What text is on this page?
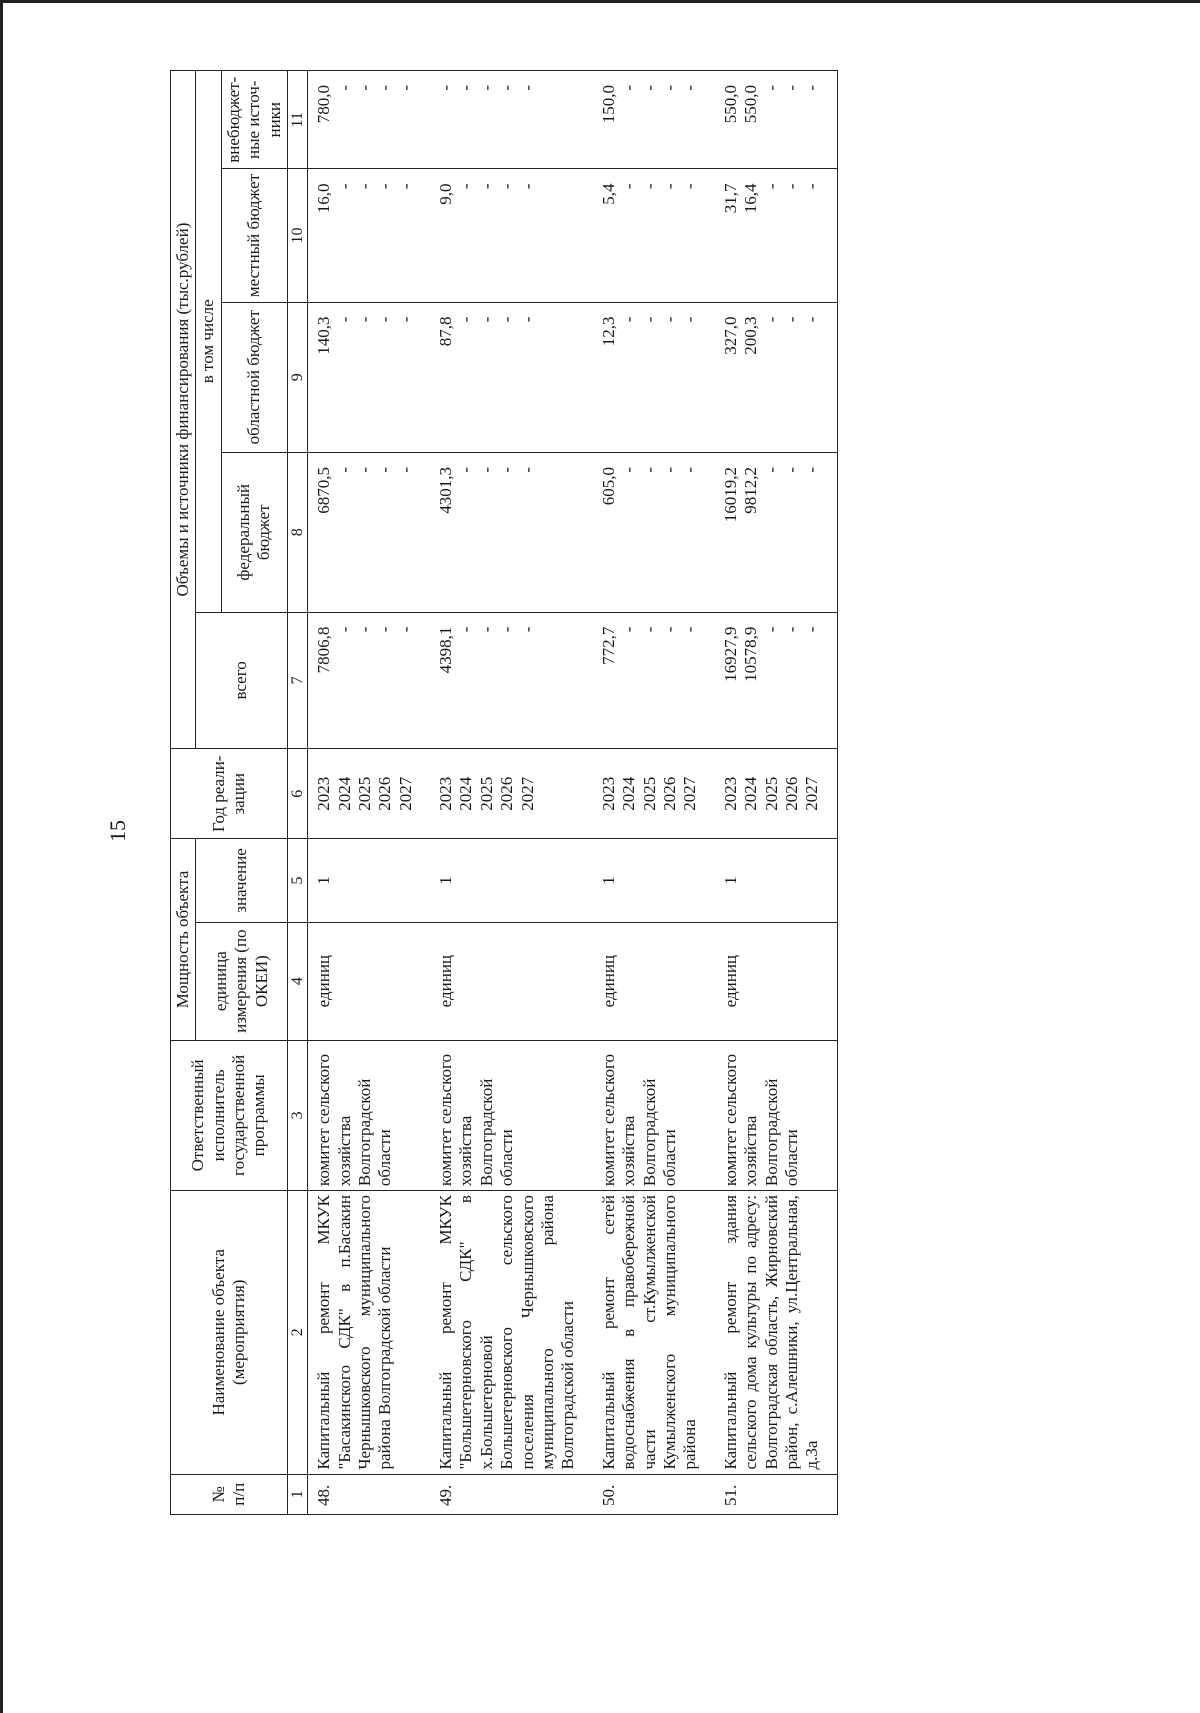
15
№ п/п	Наименование объекта (мероприятия)	Ответственный исполнитель государственной программы	Мощность объекта		Год реали-зации	Объемы и источники финансирования (тыс.рублей)				
			единица измерения (по ОКЕИ)	значение		всего	в том числе			
							федеральный бюджет	областной бюджет	местный бюджет	внебюджет-ные источ-ники
1	2	3	4	5	6	7	8	9	10	11
48.	Капитальный ремонт МКУК "Басакинского СДК" в п.Басакин Чернышковского муниципального района Волгоградской области	комитет сельского хозяйства Волгоградской области	единиц	1	2023 2024 2025 2026 2027	7806,8 - - - -	6870,5 - - - -	140,3 - - - -	16,0 - - - -	780,0 - - - -

49.	Капитальный ремонт МКУК "Большетерновского СДК" в х.Большетерновой Большетерновского сельского поселения Чернышковского муниципального района Волгоградской области	комитет сельского хозяйства Волгоградской области	единиц	1	2023 2024 2025 2026 2027	4398,1 - - - -	4301,3 - - - -	87,8 - - - -	9,0 - - - -	- - - - -

50.	Капитальный ремонт сетей водоснабжения в правобережной части ст.Кумылженской Кумылженского муниципального района	комитет сельского хозяйства Волгоградской области	единиц	1	2023 2024 2025 2026 2027	772,7 - - - -	605,0 - - - -	12,3 - - - -	5,4 - - - -	150,0 - - - -

51.	Капитальный ремонт здания сельского дома культуры по адресу: Волгоградская область, Жирновский район, с.Алешники, ул.Центральная, д.3а	комитет сельского хозяйства Волгоградской области	единиц	1	2023 2024 2025 2026 2027	16927,9 10578,9 - - -	16019,2 9812,2 - - -	327,0 200,3 - - -	31,7 16,4 - - -	550,0 550,0 - - -
